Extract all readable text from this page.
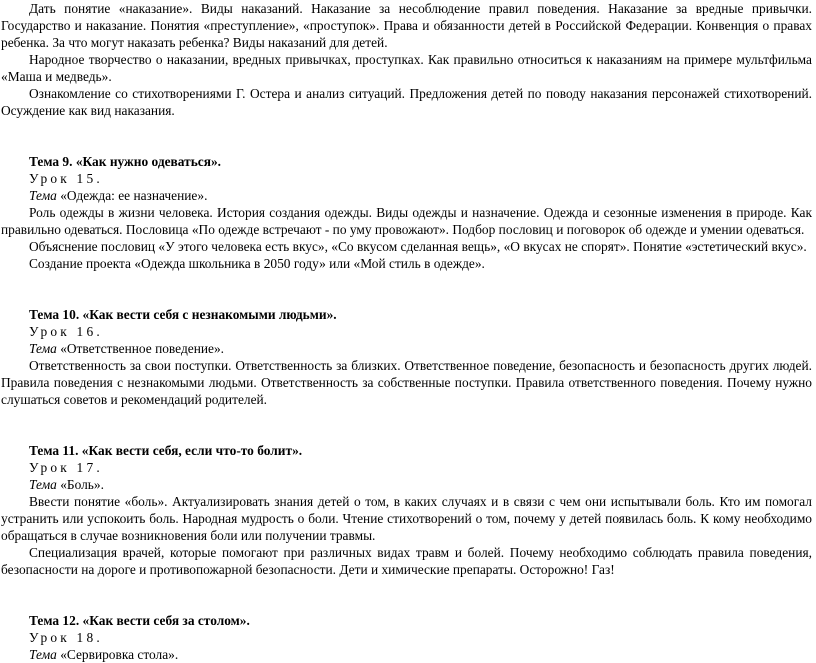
Дать понятие «наказание». Виды наказаний. Наказание за несоблюдение правил поведения. Наказание за вредные привычки. Государство и наказание. Понятия «преступление», «проступок». Права и обязанности детей в Российской Федерации. Конвенция о правах ребенка. За что могут наказать ребенка? Виды наказаний для детей.

Народное творчество о наказании, вредных привычках, проступках. Как правильно относиться к наказаниям на примере мультфильма «Маша и медведь».

Ознакомление со стихотворениями Г. Остера и анализ ситуаций. Предложения детей по поводу наказания персонажей стихотворений. Осуждение как вид наказания.

Тема 9. «Как нужно одеваться».

Урок 15.

Тема «Одежда: ее назначение».

Роль одежды в жизни человека. История создания одежды. Виды одежды и назначение. Одежда и сезонные изменения в природе. Как правильно одеваться. Пословица «По одежде встречают - по уму провожают». Подбор пословиц и поговорок об одежде и умении одеваться.

Объяснение пословиц «У этого человека есть вкус», «Со вкусом сделанная вещь», «О вкусах не спорят». Понятие «эстетический вкус».

Создание проекта «Одежда школьника в 2050 году» или «Мой стиль в одежде».

Тема 10. «Как вести себя с незнакомыми людьми».

Урок 16.

Тема «Ответственное поведение».

Ответственность за свои поступки. Ответственность за близких. Ответственное поведение, безопасность и безопасность других людей. Правила поведения с незнакомыми людьми. Ответственность за собственные поступки. Правила ответственного поведения. Почему нужно слушаться советов и рекомендаций родителей.

Тема 11. «Как вести себя, если что-то болит».

Урок 17.

Тема «Боль».

Ввести понятие «боль». Актуализировать знания детей о том, в каких случаях и в связи с чем они испытывали боль. Кто им помогал устранить или успокоить боль. Народная мудрость о боли. Чтение стихотворений о том, почему у детей появилась боль. К кому необходимо обращаться в случае возникновения боли или получении травмы.

Специализация врачей, которые помогают при различных видах травм и болей. Почему необходимо соблюдать правила поведения, безопасности на дороге и противопожарной безопасности. Дети и химические препараты. Осторожно! Газ!

Тема 12. «Как вести себя за столом».

Урок 18.

Тема «Сервировка стола».
